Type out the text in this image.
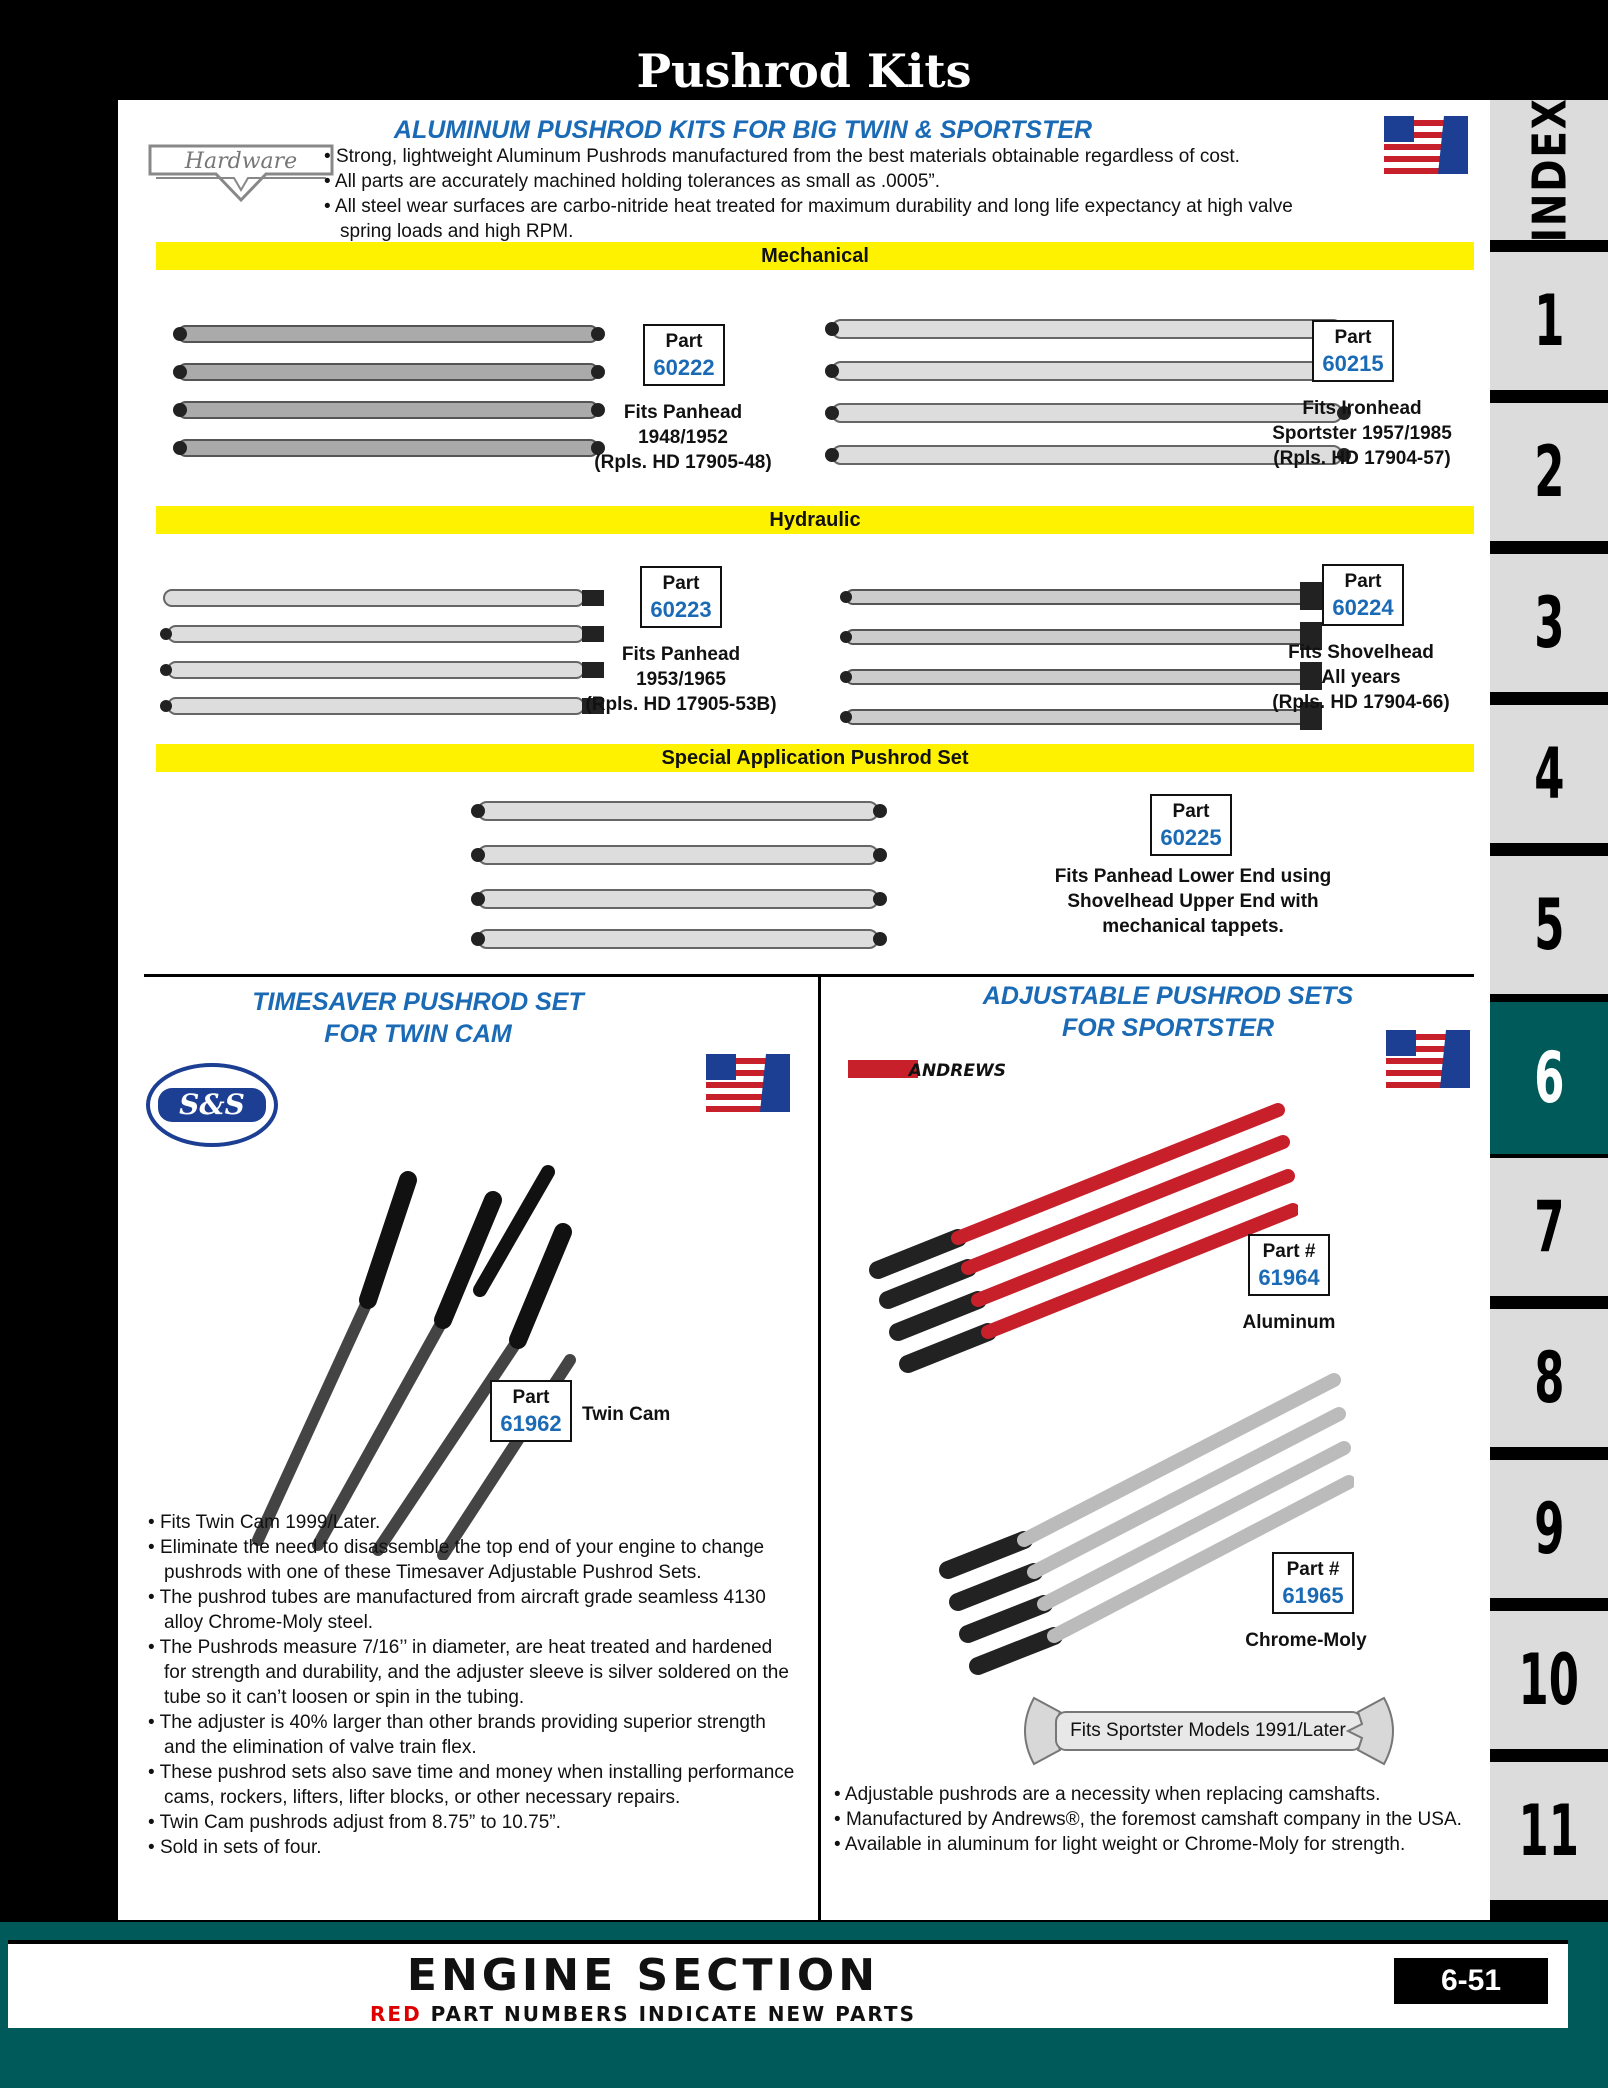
Pushrod Kits
INDEX
1
2
3
4
5
6
7
8
9
10
11
Hardware
ALUMINUM PUSHROD KITS FOR BIG TWIN & SPORTSTER
• Strong, lightweight Aluminum Pushrods manufactured from the best materials obtainable regardless of cost.
• All parts are accurately machined holding tolerances as small as .0005”.
• All steel wear surfaces are carbo-nitride heat treated for maximum durability and long life expectancy at high valve spring loads and high RPM.
Mechanical
Part
60222
Fits Panhead
1948/1952
(Rpls. HD 17905-48)
Part
60215
Fits Ironhead
Sportster 1957/1985
(Rpls. HD 17904-57)
Hydraulic
Part
60223
Fits Panhead
1953/1965
(Rpls. HD 17905-53B)
Part
60224
Fits Shovelhead
All years
(Rpls. HD 17904-66)
Special Application Pushrod Set
Part
60225
Fits Panhead Lower End using
Shovelhead Upper End with
mechanical tappets.
TIMESAVER PUSHROD SET
FOR TWIN CAM
S&S
Part
61962 Twin Cam
• Fits Twin Cam 1999/Later.
• Eliminate the need to disassemble the top end of your engine to change pushrods with one of these Timesaver Adjustable Pushrod Sets.
• The pushrod tubes are manufactured from aircraft grade seamless 4130 alloy Chrome-Moly steel.
• The Pushrods measure 7/16’’ in diameter, are heat treated and hardened for strength and durability, and the adjuster sleeve is silver soldered on the tube so it can’t loosen or spin in the tubing.
• The adjuster is 40% larger than other brands providing superior strength and the elimination of valve train flex.
• These pushrod sets also save time and money when installing performance cams, rockers, lifters, lifter blocks, or other necessary repairs.
• Twin Cam pushrods adjust from 8.75” to 10.75”.
• Sold in sets of four.
ADJUSTABLE PUSHROD SETS
FOR SPORTSTER
ANDREWS
Part #
61964
Aluminum
Part #
61965
Chrome-Moly
Fits Sportster Models 1991/Later
• Adjustable pushrods are a necessity when replacing camshafts.
• Manufactured by Andrews®, the foremost camshaft company in the USA.
• Available in aluminum for light weight or Chrome-Moly for strength.
ENGINE SECTION
RED PART NUMBERS INDICATE NEW PARTS
6-51
